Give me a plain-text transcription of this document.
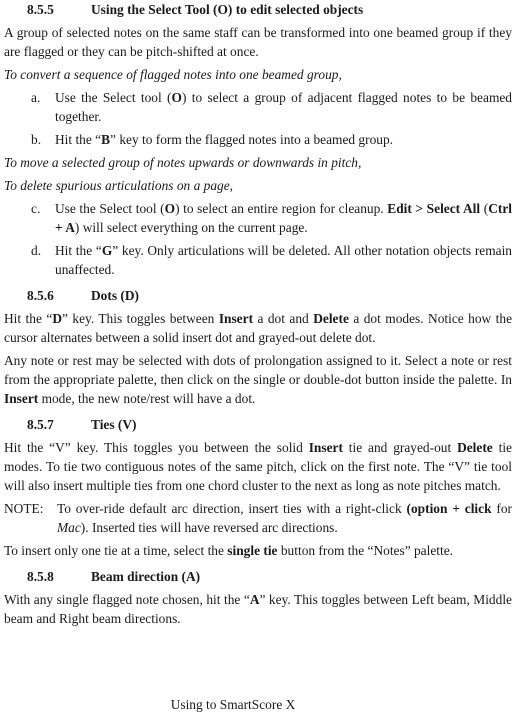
8.5.5	Using the Select Tool (O) to edit selected objects

A group of selected notes on the same staff can be transformed into one beamed group if they are flagged or they can be pitch-shifted at once.

To convert a sequence of flagged notes into one beamed group,

a. Use the Select tool (O) to select a group of adjacent flagged notes to be beamed together.

b. Hit the “B” key to form the flagged notes into a beamed group.

To move a selected group of notes upwards or downwards in pitch,

To delete spurious articulations on a page,

c. Use the Select tool (O) to select an entire region for cleanup. Edit > Select All (Ctrl + A) will select everything on the current page.

d. Hit the “G” key. Only articulations will be deleted. All other notation objects remain unaffected.

8.5.6	Dots (D)

Hit the “D” key. This toggles between Insert a dot and Delete a dot modes. Notice how the cursor alternates between a solid insert dot and grayed-out delete dot.

Any note or rest may be selected with dots of prolongation assigned to it. Select a note or rest from the appropriate palette, then click on the single or double-dot button inside the palette. In Insert mode, the new note/rest will have a dot.

8.5.7	Ties (V)

Hit the “V” key. This toggles you between the solid Insert tie and grayed-out Delete tie modes. To tie two contiguous notes of the same pitch, click on the first note. The “V” tie tool will also insert multiple ties from one chord cluster to the next as long as note pitches match.

NOTE: To over-ride default arc direction, insert ties with a right-click (option + click for Mac). Inserted ties will have reversed arc directions.

To insert only one tie at a time, select the single tie button from the “Notes” palette.

8.5.8	Beam direction (A)

With any single flagged note chosen, hit the “A” key. This toggles between Left beam, Middle beam and Right beam directions.

Using to SmartScore X
